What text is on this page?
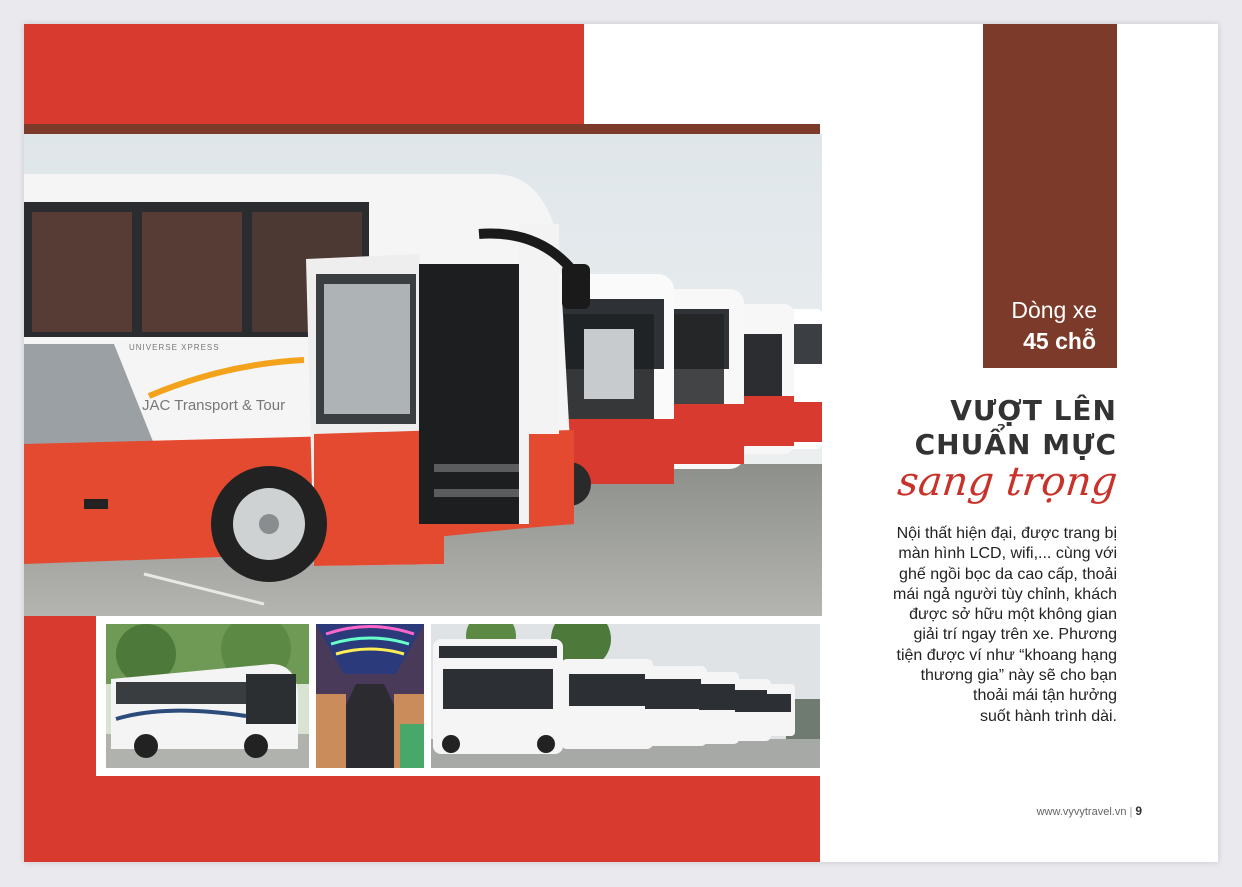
JAC Transport & Tour
UNIVERSE XPRESS
Dòng xe
45 chỗ
VƯỢT LÊN
CHUẨN MỰC
sang trọng
Nội thất hiện đại, được trang bị
màn hình LCD, wifi,... cùng với
ghế ngồi bọc da cao cấp, thoải
mái ngả người tùy chỉnh, khách
được sở hữu một không gian
giải trí ngay trên xe. Phương
tiện được ví như “khoang hạng
thương gia” này sẽ cho bạn
thoải mái tận hưởng
suốt hành trình dài.
www.vyvytravel.vn | 9
